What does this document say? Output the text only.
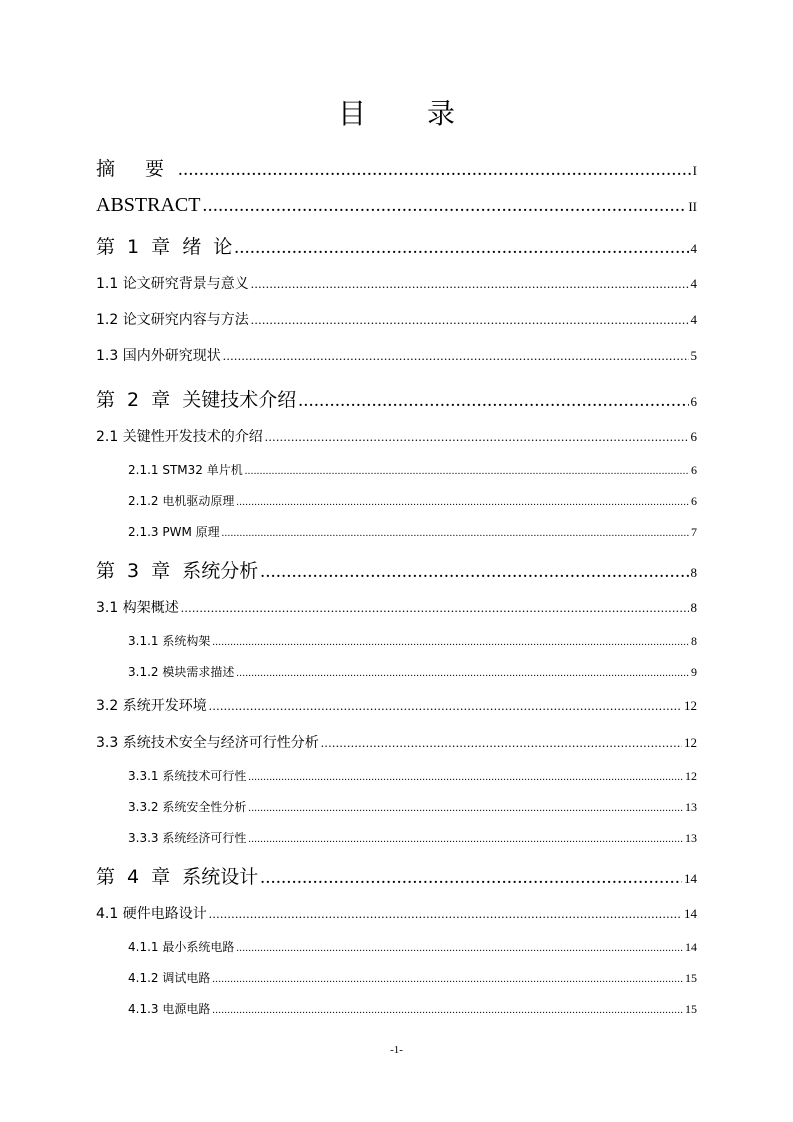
目 录
摘 要 .....	I
ABSTRACT .....	II
第 1 章 绪 论 .....	4
1.1 论文研究背景与意义 .....	4
1.2 论文研究内容与方法 .....	4
1.3 国内外研究现状 .....	5
第 2 章 关键技术介绍 .....	6
2.1 关键性开发技术的介绍 .....	6
2.1.1 STM32 单片机 .....	6
2.1.2 电机驱动原理 .....	6
2.1.3 PWM 原理 .....	7
第 3 章 系统分析 .....	8
3.1 构架概述 .....	8
3.1.1 系统构架 .....	8
3.1.2 模块需求描述 .....	9
3.2 系统开发环境 .....	12
3.3 系统技术安全与经济可行性分析 .....	12
3.3.1 系统技术可行性 .....	12
3.3.2 系统安全性分析 .....	13
3.3.3 系统经济可行性 .....	13
第 4 章 系统设计 .....	14
4.1 硬件电路设计 .....	14
4.1.1 最小系统电路 .....	14
4.1.2 调试电路 .....	15
4.1.3 电源电路 .....	15
-1-
